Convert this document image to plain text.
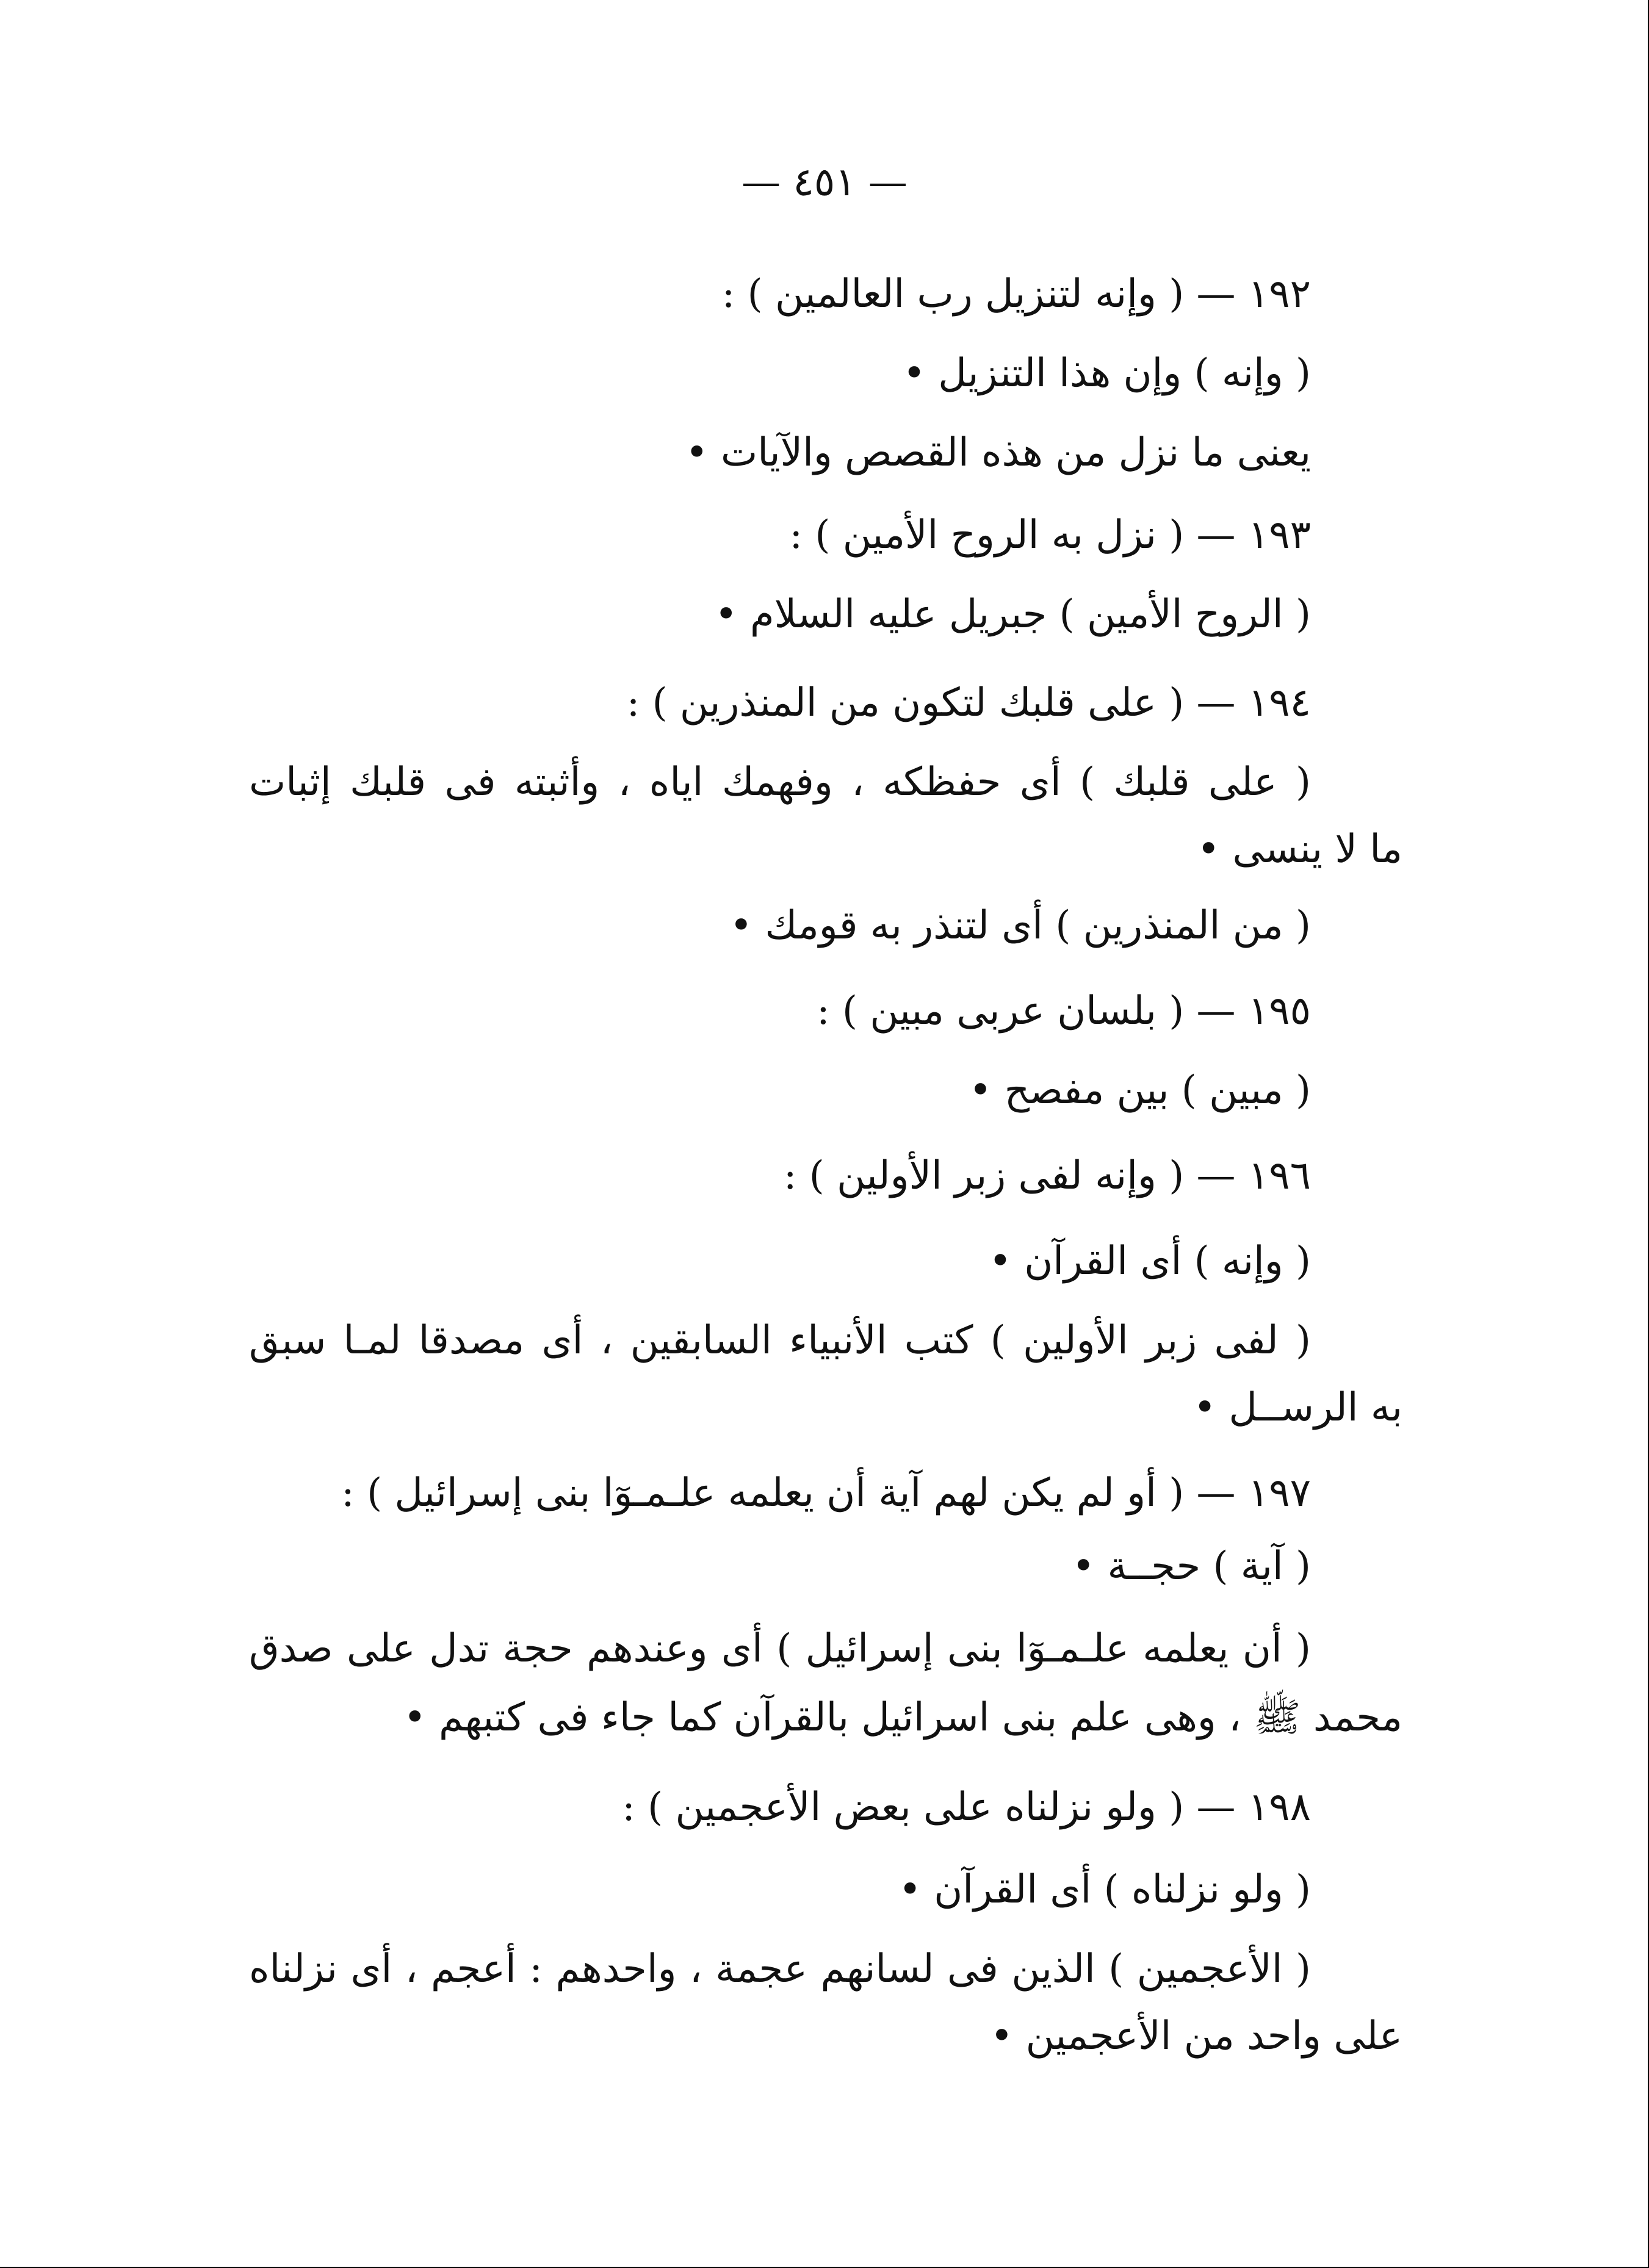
— ٤٥١ —
١٩٢ — ( وإنه لتنزيل رب العالمين ) :
( وإنه ) وإن هذا التنزيل •
يعنى ما نزل من هذه القصص والآيات •
١٩٣ — ( نزل به الروح الأمين ) :
( الروح الأمين ) جبريل عليه السلام •
١٩٤ — ( على قلبك لتكون من المنذرين ) :
( على قلبك ) أى حفظكه ، وفهمك اياه ، وأثبته فى قلبك إثبات
ما لا ينسى •
( من المنذرين ) أى لتنذر به قومك •
١٩٥ — ( بلسان عربى مبين ) :
( مبين ) بين مفصح •
١٩٦ — ( وإنه لفى زبر الأولين ) :
( وإنه ) أى القرآن •
( لفى زبر الأولين ) كتب الأنبياء السابقين ، أى مصدقا لمـا سبق
به الرســل •
١٩٧ — ( أو لم يكن لهم آية أن يعلمه علـمـوٓا بنى إسرائيل ) :
( آية ) حجــة •
( أن يعلمه علـمـوٓا بنى إسرائيل ) أى وعندهم حجة تدل على صدق
محمد ﷺ ، وهى علم بنى اسرائيل بالقرآن كما جاء فى كتبهم •
١٩٨ — ( ولو نزلناه على بعض الأعجمين ) :
( ولو نزلناه ) أى القرآن •
( الأعجمين ) الذين فى لسانهم عجمة ، واحدهم : أعجم ، أى نزلناه
على واحد من الأعجمين •
